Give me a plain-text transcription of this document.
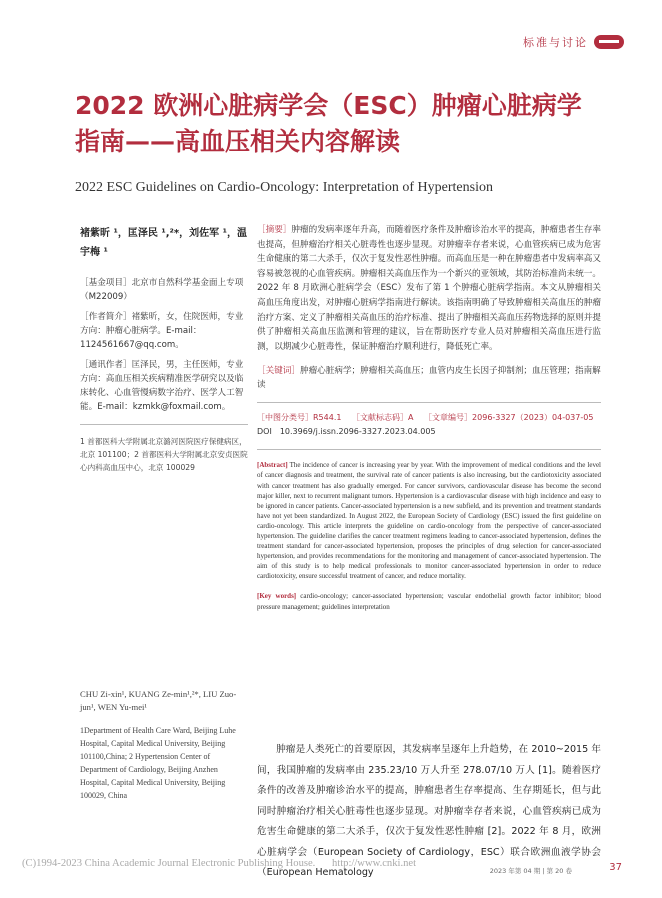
标准与讨论
2022 欧洲心脏病学会（ESC）肿瘤心脏病学指南——高血压相关内容解读
2022 ESC Guidelines on Cardio-Oncology: Interpretation of Hypertension
褚紫昕 ¹，匡泽民 ¹,²*，刘佐军 ¹，温宇梅 ¹

［基金项目］北京市自然科学基金面上专项（M22009）

［作者简介］褚紫昕，女，住院医师，专业方向：肿瘤心脏病学。E-mail：1124561667@qq.com。

［通讯作者］匡泽民，男，主任医师，专业方向：高血压相关疾病精准医学研究以及临床转化、心血管慢病数字治疗、医学人工智能。E-mail：kzmkk@foxmail.com。

1 首都医科大学附属北京潞河医院医疗保健病区，北京 101100；2 首都医科大学附属北京安贞医院心内科高血压中心，北京 100029
CHU Zi-xin¹, KUANG Ze-min¹,²*, LIU Zuo-jun¹, WEN Yu-mei¹
1Department of Health Care Ward, Beijing Luhe Hospital, Capital Medical University, Beijing 101100,China; 2 Hypertension Center of Department of Cardiology, Beijing Anzhen Hospital, Capital Medical University, Beijing 100029, China
［摘要］肿瘤的发病率逐年升高，而随着医疗条件及肿瘤诊治水平的提高，肿瘤患者生存率也提高，但肿瘤治疗相关心脏毒性也逐步显现。对肿瘤幸存者来说，心血管疾病已成为危害生命健康的第二大杀手，仅次于复发性恶性肿瘤。而高血压是一种在肿瘤患者中发病率高又容易被忽视的心血管疾病。肿瘤相关高血压作为一个新兴的亚领域，其防治标准尚未统一。2022 年 8 月欧洲心脏病学会（ESC）发布了第 1 个肿瘤心脏病学指南。本文从肿瘤相关高血压角度出发，对肿瘤心脏病学指南进行解读。该指南明确了导致肿瘤相关高血压的肿瘤治疗方案、定义了肿瘤相关高血压的治疗标准、提出了肿瘤相关高血压药物选择的原则并提供了肿瘤相关高血压监测和管理的建议，旨在帮助医疗专业人员对肿瘤相关高血压进行监测，以期减少心脏毒性，保证肿瘤治疗顺利进行，降低死亡率。
［关键词］肿瘤心脏病学；肿瘤相关高血压；血管内皮生长因子抑制剂；血压管理；指南解读
［中图分类号］R544.1　 ［文献标志码］A　 ［文章编号］2096-3327（2023）04-037-05
DOI　10.3969/j.issn.2096-3327.2023.04.005
[Abstract] The incidence of cancer is increasing year by year. With the improvement of medical conditions and the level of cancer diagnosis and treatment, the survival rate of cancer patients is also increasing, but the cardiotoxicity associated with cancer treatment has also gradually emerged. For cancer survivors, cardiovascular disease has become the second major killer, next to recurrent malignant tumors. Hypertension is a cardiovascular disease with high incidence and easy to be ignored in cancer patients. Cancer-associated hypertension is a new subfield, and its prevention and treatment standards have not yet been standardized. In August 2022, the European Society of Cardiology (ESC) issued the first guideline on cardio-oncology. This article interprets the guideline on cardio-oncology from the perspective of cancer-associated hypertension. The guideline clarifies the cancer treatment regimens leading to cancer-associated hypertension, defines the treatment standard for cancer-associated hypertension, proposes the principles of drug selection for cancer-associated hypertension, and provides recommendations for the monitoring and management of cancer-associated hypertension. The aim of this study is to help medical professionals to monitor cancer-associated hypertension in order to reduce cardiotoxicity, ensure successful treatment of cancer, and reduce mortality.
[Key words] cardio-oncology; cancer-associated hypertension; vascular endothelial growth factor inhibitor; blood pressure management; guidelines interpretation
肿瘤是人类死亡的首要原因，其发病率呈逐年上升趋势，在 2010~2015 年间，我国肿瘤的发病率由 235.23/10 万人升至 278.07/10 万人 [1]。随着医疗条件的改善及肿瘤诊治水平的提高，肿瘤患者生存率提高、生存期延长，但与此同时肿瘤治疗相关心脏毒性也逐步显现。对肿瘤幸存者来说，心血管疾病已成为危害生命健康的第二大杀手，仅次于复发性恶性肿瘤 [2]。2022 年 8 月，欧洲心脏病学会（European Society of Cardiology，ESC）联合欧洲血液学协会（European Hematology
(C)1994-2023 China Academic Journal Electronic Publishing House. http://www.cnki.net
2023 年第 04 期 | 第 20 卷	37
